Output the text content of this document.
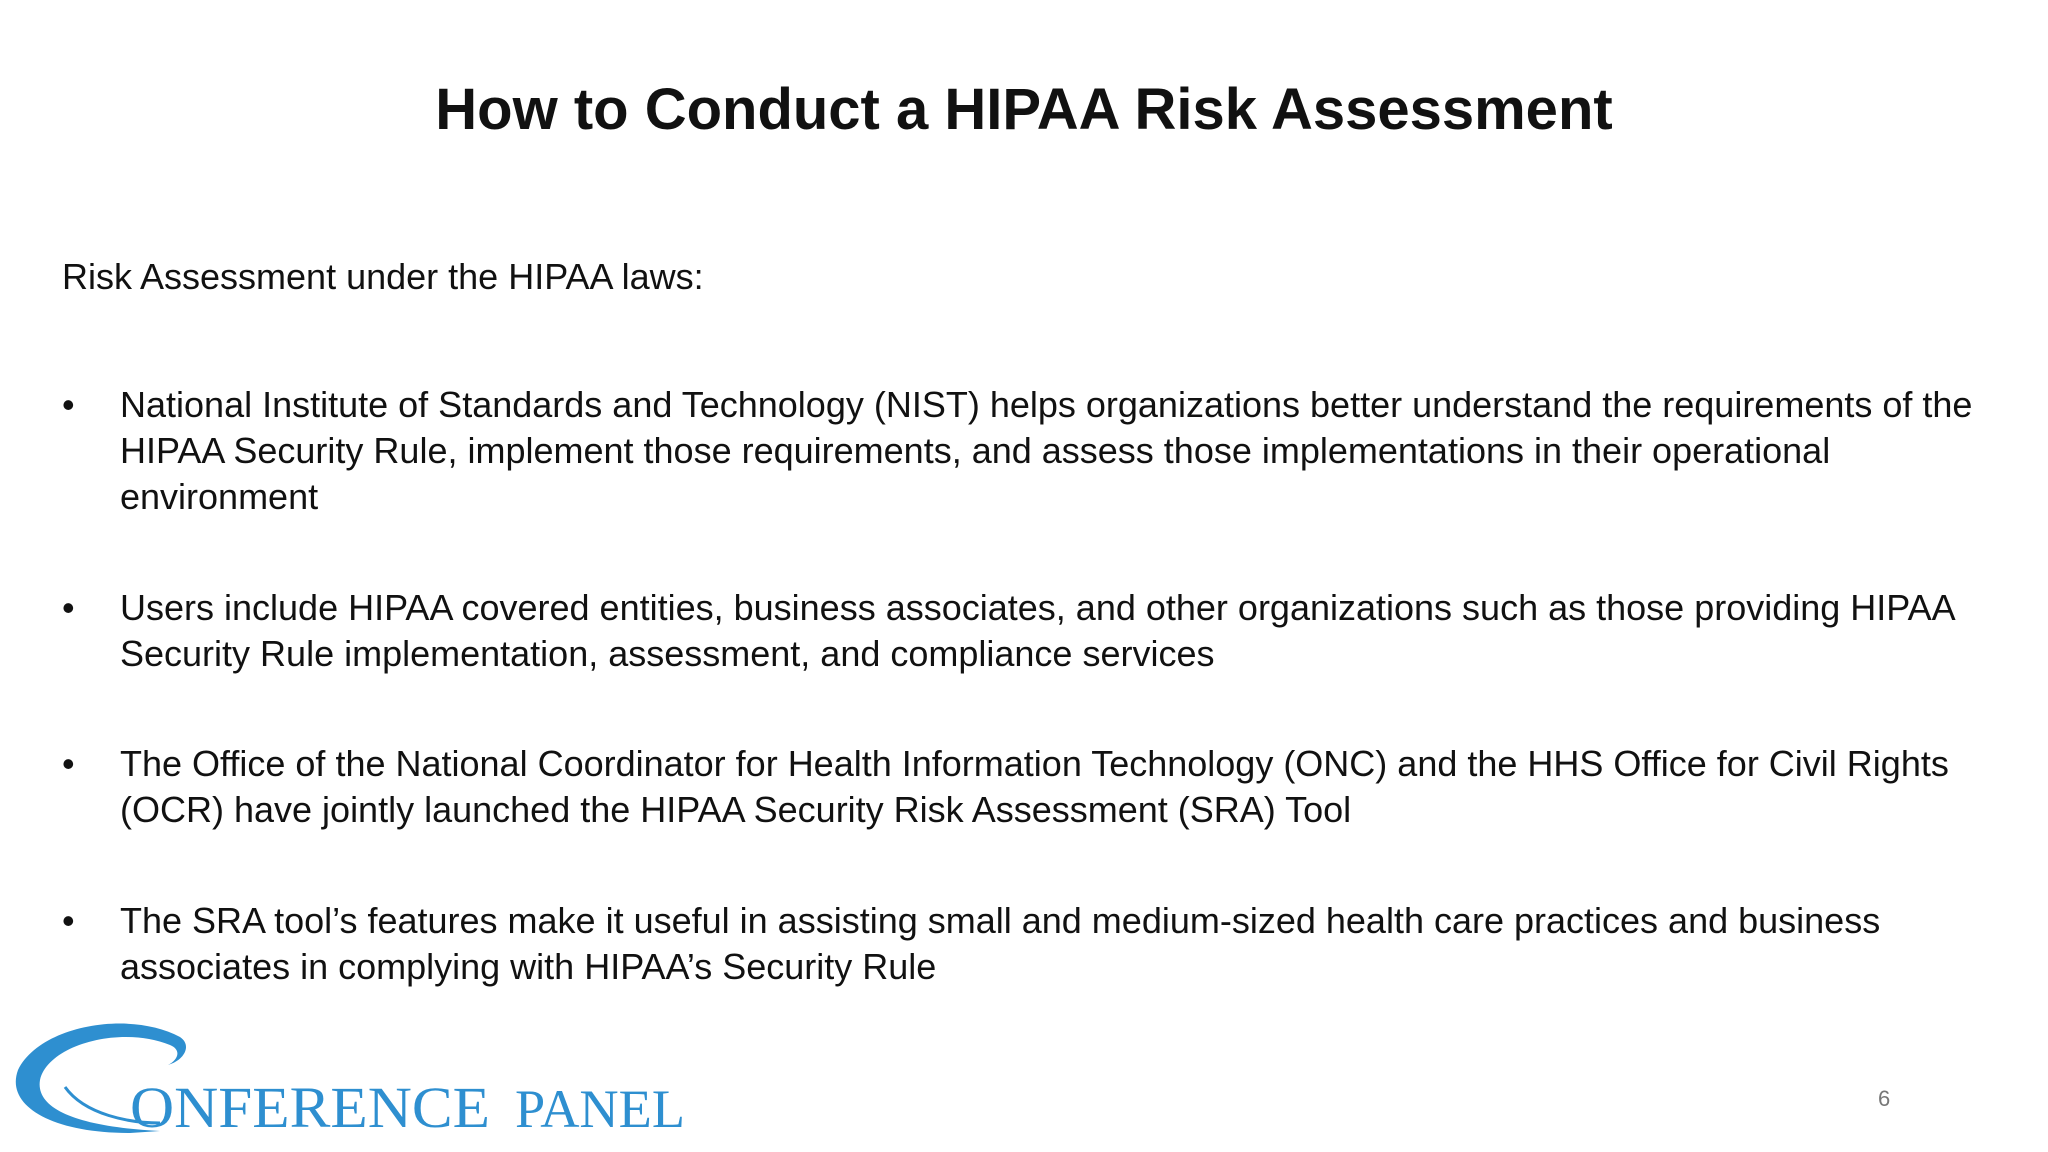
How to Conduct a HIPAA Risk Assessment
Risk Assessment under the HIPAA laws:
•	National Institute of Standards and Technology (NIST) helps organizations better understand the requirements of the HIPAA Security Rule, implement those requirements, and assess those implementations in their operational environment
•	Users include HIPAA covered entities, business associates, and other organizations such as those providing HIPAA Security Rule implementation, assessment, and compliance services
•	The Office of the National Coordinator for Health Information Technology (ONC) and the HHS Office for Civil Rights (OCR) have jointly launched the HIPAA Security Risk Assessment (SRA) Tool
•	The SRA tool’s features make it useful in assisting small and medium-sized health care practices and business associates in complying with HIPAA’s Security Rule
ONFERENCE PANEL	6
